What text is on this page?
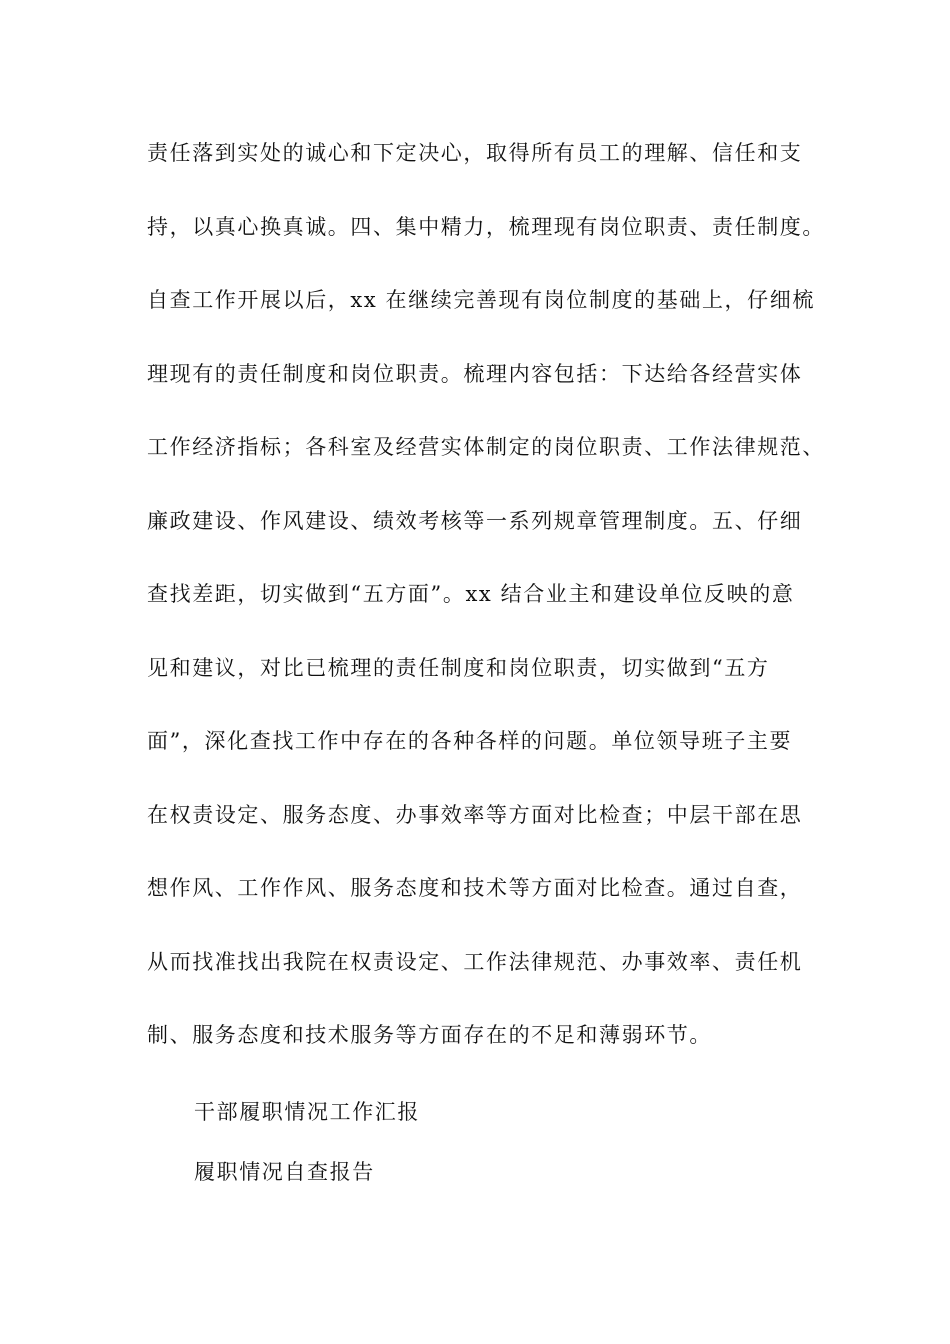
责任落到实处的诚心和下定决心，取得所有员工的理解、信任和支
持，以真心换真诚。四、集中精力，梳理现有岗位职责、责任制度。
自查工作开展以后，xx 在继续完善现有岗位制度的基础上，仔细梳
理现有的责任制度和岗位职责。梳理内容包括：下达给各经营实体
工作经济指标；各科室及经营实体制定的岗位职责、工作法律规范、
廉政建设、作风建设、绩效考核等一系列规章管理制度。五、仔细
查找差距，切实做到“五方面”。xx 结合业主和建设单位反映的意
见和建议，对比已梳理的责任制度和岗位职责，切实做到“五方
面”，深化查找工作中存在的各种各样的问题。单位领导班子主要
在权责设定、服务态度、办事效率等方面对比检查；中层干部在思
想作风、工作作风、服务态度和技术等方面对比检查。通过自查，
从而找准找出我院在权责设定、工作法律规范、办事效率、责任机
制、服务态度和技术服务等方面存在的不足和薄弱环节。
干部履职情况工作汇报
履职情况自查报告
